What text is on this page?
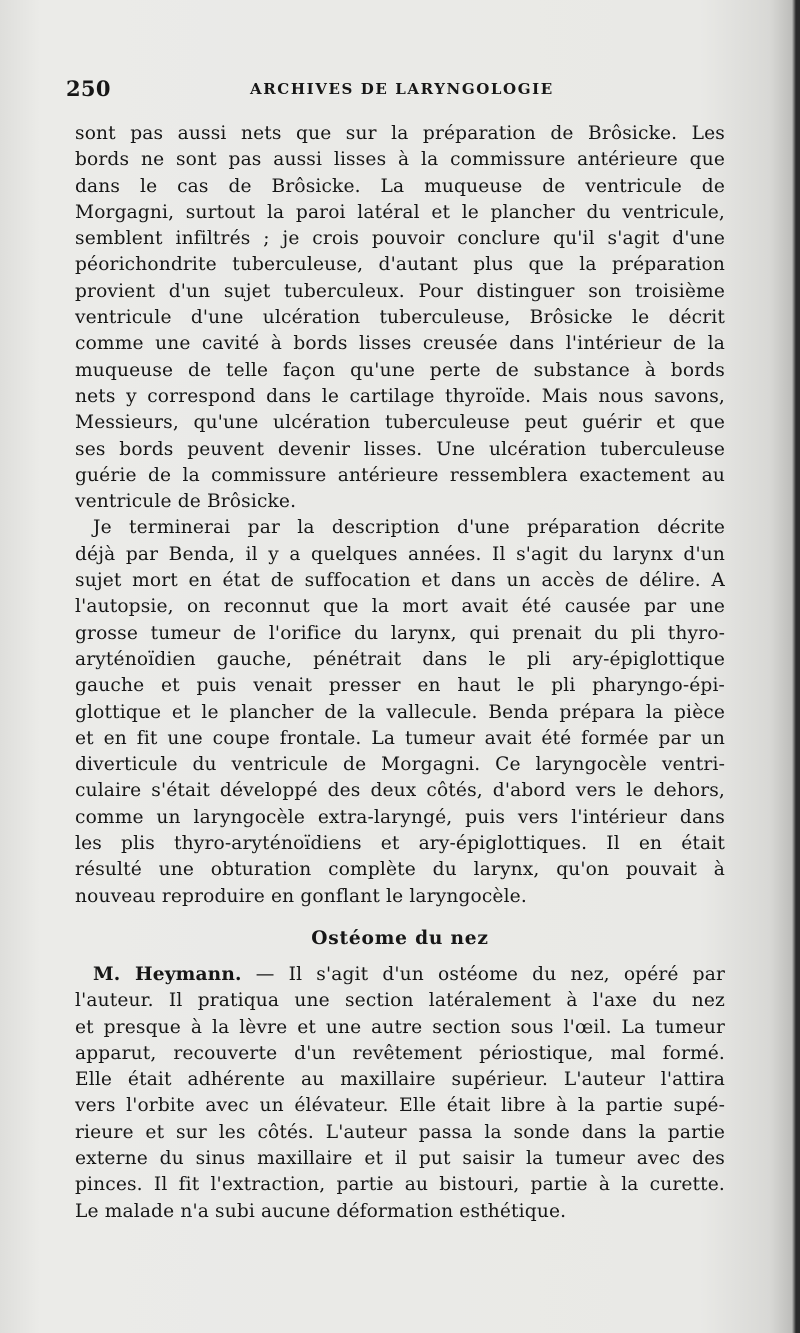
250	ARCHIVES DE LARYNGOLOGIE
sont pas aussi nets que sur la préparation de Brôsicke. Les
bords ne sont pas aussi lisses à la commissure antérieure que
dans le cas de Brôsicke. La muqueuse de ventricule de
Morgagni, surtout la paroi latéral et le plancher du ventricule,
semblent infiltrés ; je crois pouvoir conclure qu'il s'agit d'une
péorichondrite tuberculeuse, d'autant plus que la préparation
provient d'un sujet tuberculeux. Pour distinguer son troisième
ventricule d'une ulcération tuberculeuse, Brôsicke le décrit
comme une cavité à bords lisses creusée dans l'intérieur de la
muqueuse de telle façon qu'une perte de substance à bords
nets y correspond dans le cartilage thyroïde. Mais nous savons,
Messieurs, qu'une ulcération tuberculeuse peut guérir et que
ses bords peuvent devenir lisses. Une ulcération tuberculeuse
guérie de la commissure antérieure ressemblera exactement au
ventricule de Brôsicke.
Je terminerai par la description d'une préparation décrite
déjà par Benda, il y a quelques années. Il s'agit du larynx d'un
sujet mort en état de suffocation et dans un accès de délire. A
l'autopsie, on reconnut que la mort avait été causée par une
grosse tumeur de l'orifice du larynx, qui prenait du pli thyro-
aryténoïdien gauche, pénétrait dans le pli ary-épiglottique
gauche et puis venait presser en haut le pli pharyngo-épi-
glottique et le plancher de la vallecule. Benda prépara la pièce
et en fit une coupe frontale. La tumeur avait été formée par un
diverticule du ventricule de Morgagni. Ce laryngocèle ventri-
culaire s'était développé des deux côtés, d'abord vers le dehors,
comme un laryngocèle extra-laryngé, puis vers l'intérieur dans
les plis thyro-aryténoïdiens et ary-épiglottiques. Il en était
résulté une obturation complète du larynx, qu'on pouvait à
nouveau reproduire en gonflant le laryngocèle.
Ostéome du nez
M. Heymann. — Il s'agit d'un ostéome du nez, opéré par
l'auteur. Il pratiqua une section latéralement à l'axe du nez
et presque à la lèvre et une autre section sous l'œil. La tumeur
apparut, recouverte d'un revêtement périostique, mal formé.
Elle était adhérente au maxillaire supérieur. L'auteur l'attira
vers l'orbite avec un élévateur. Elle était libre à la partie supé-
rieure et sur les côtés. L'auteur passa la sonde dans la partie
externe du sinus maxillaire et il put saisir la tumeur avec des
pinces. Il fit l'extraction, partie au bistouri, partie à la curette.
Le malade n'a subi aucune déformation esthétique.
